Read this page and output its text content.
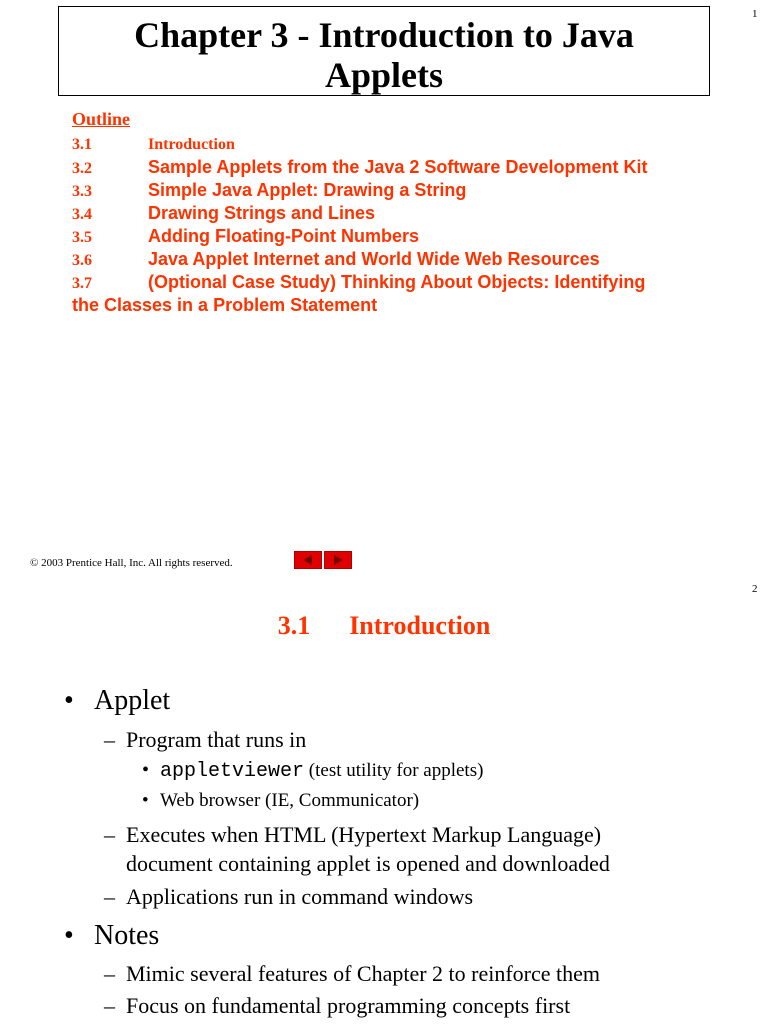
1
Chapter 3 - Introduction to Java
Applets
Outline
3.1	Introduction
3.2	Sample Applets from the Java 2 Software Development Kit
3.3	Simple Java Applet: Drawing a String
3.4	Drawing Strings and Lines
3.5	Adding Floating-Point Numbers
3.6	Java Applet Internet and World Wide Web Resources
3.7	(Optional Case Study) Thinking About Objects: Identifying
the Classes in a Problem Statement
© 2003 Prentice Hall, Inc. All rights reserved.
2
3.1      Introduction
• Applet
– Program that runs in
• appletviewer (test utility for applets)
• Web browser (IE, Communicator)
– Executes when HTML (Hypertext Markup Language)
document containing applet is opened and downloaded
– Applications run in command windows
• Notes
– Mimic several features of Chapter 2 to reinforce them
– Focus on fundamental programming concepts first
